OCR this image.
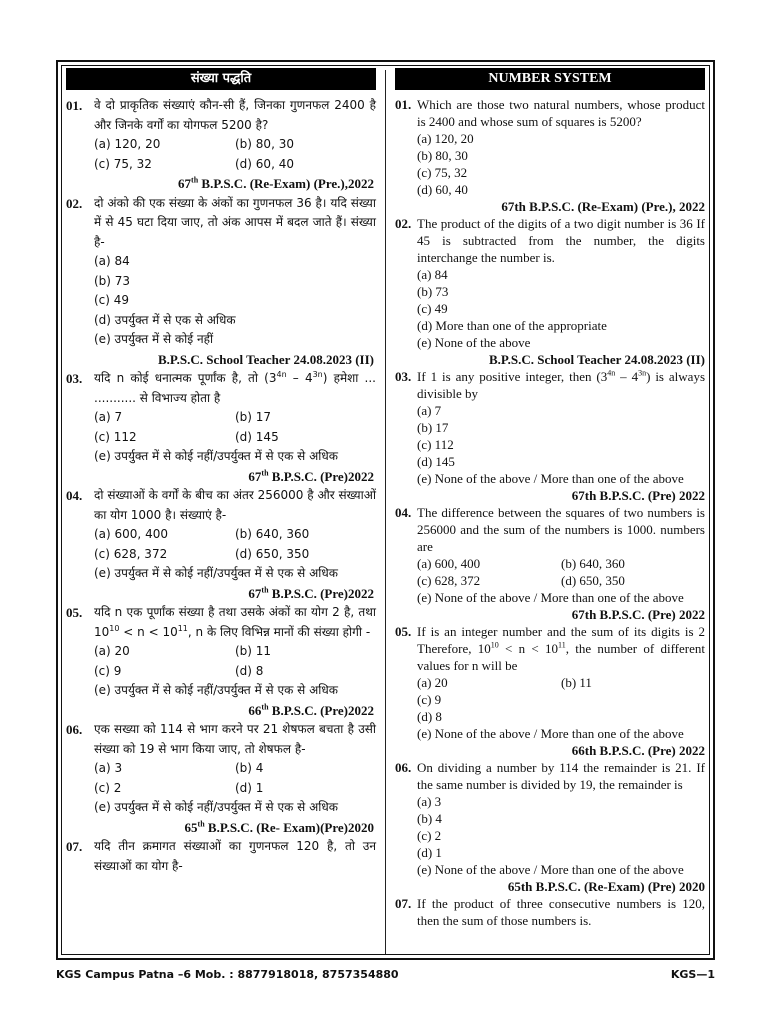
संख्या पद्धति
01. वे दो प्राकृतिक संख्याएं कौन-सी हैं, जिनका गुणनफल 2400 है और जिनके वर्गों का योगफल 5200 है?
(a) 120, 20	(b) 80, 30
(c) 75, 32	(d) 60, 40
67th B.P.S.C. (Re-Exam) (Pre.),2022
02. दो अंको की एक संख्या के अंकों का गुणनफल 36 है। यदि संख्या में से 45 घटा दिया जाए, तो अंक आपस में बदल जाते हैं। संख्या है-
(a) 84
(b) 73
(c) 49
(d) उपर्युक्त में से एक से अधिक
(e) उपर्युक्त में से कोई नहीं
B.P.S.C. School Teacher 24.08.2023 (II)
03. यदि n कोई धनात्मक पूर्णांक है, तो $(3^{4n} - 4^{3n})$ हमेशा ... ........... से विभाज्य होता है
(a) 7	(b) 17
(c) 112	(d) 145
(e) उपर्युक्त में से कोई नहीं/उपर्युक्त में से एक से अधिक
67th B.P.S.C. (Pre)2022
04. दो संख्याओं के वर्गों के बीच का अंतर 256000 है और संख्याओं का योग 1000 है। संख्याएं है-
(a) 600, 400	(b) 640, 360
(c) 628, 372	(d) 650, 350
(e) उपर्युक्त में से कोई नहीं/उपर्युक्त में से एक से अधिक
67th B.P.S.C. (Pre)2022
05. यदि n एक पूर्णांक संख्या है तथा उसके अंकों का योग 2 है, तथा $10^{10} < n < 10^{11}$, n के लिए विभिन्न मानों की संख्या होगी -
(a) 20	(b) 11
(c) 9	(d) 8
(e) उपर्युक्त में से कोई नहीं/उपर्युक्त में से एक से अधिक
66th B.P.S.C. (Pre)2022
06. एक सख्या को 114 से भाग करने पर 21 शेषफल बचता है उसी संख्या को 19 से भाग किया जाए, तो शेषफल है-
(a) 3	(b) 4
(c) 2	(d) 1
(e) उपर्युक्त में से कोई नहीं/उपर्युक्त में से एक से अधिक
65th B.P.S.C. (Re- Exam)(Pre)2020
07. यदि तीन क्रमागत संख्याओं का गुणनफल 120 है, तो उन संख्याओं का योग है-
NUMBER SYSTEM
01. Which are those two natural numbers, whose product is 2400 and whose sum of squares is 5200?
(a) 120, 20
(b) 80, 30
(c) 75, 32
(d) 60, 40
67th B.P.S.C. (Re-Exam) (Pre.), 2022
02. The product of the digits of a two digit number is 36 If 45 is subtracted from the number, the digits interchange the number is.
(a) 84
(b) 73
(c) 49
(d) More than one of the appropriate
(e) None of the above
B.P.S.C. School Teacher 24.08.2023 (II)
03. If 1 is any positive integer, then $(3^{4n} - 4^{3n})$ is always divisible by
(a) 7
(b) 17
(c) 112
(d) 145
(e) None of the above / More than one of the above
67th B.P.S.C. (Pre) 2022
04. The difference between the squares of two numbers is 256000 and the sum of the numbers is 1000. numbers are
(a) 600, 400	(b) 640, 360
(c) 628, 372	(d) 650, 350
(e) None of the above / More than one of the above
67th B.P.S.C. (Pre) 2022
05. If is an integer number and the sum of its digits is 2 Therefore, $10^{10} < n < 10^{11}$, the number of different values for n will be
(a) 20	(b) 11
(c) 9
(d) 8
(e) None of the above / More than one of the above
66th B.P.S.C. (Pre) 2022
06. On dividing a number by 114 the remainder is 21. If the same number is divided by 19, the remainder is
(a) 3
(b) 4
(c) 2
(d) 1
(e) None of the above / More than one of the above
65th B.P.S.C. (Re-Exam) (Pre) 2020
07. If the product of three consecutive numbers is 120, then the sum of those numbers is.
KGS Campus Patna –6 Mob. : 8877918018, 8757354880	KGS—1
